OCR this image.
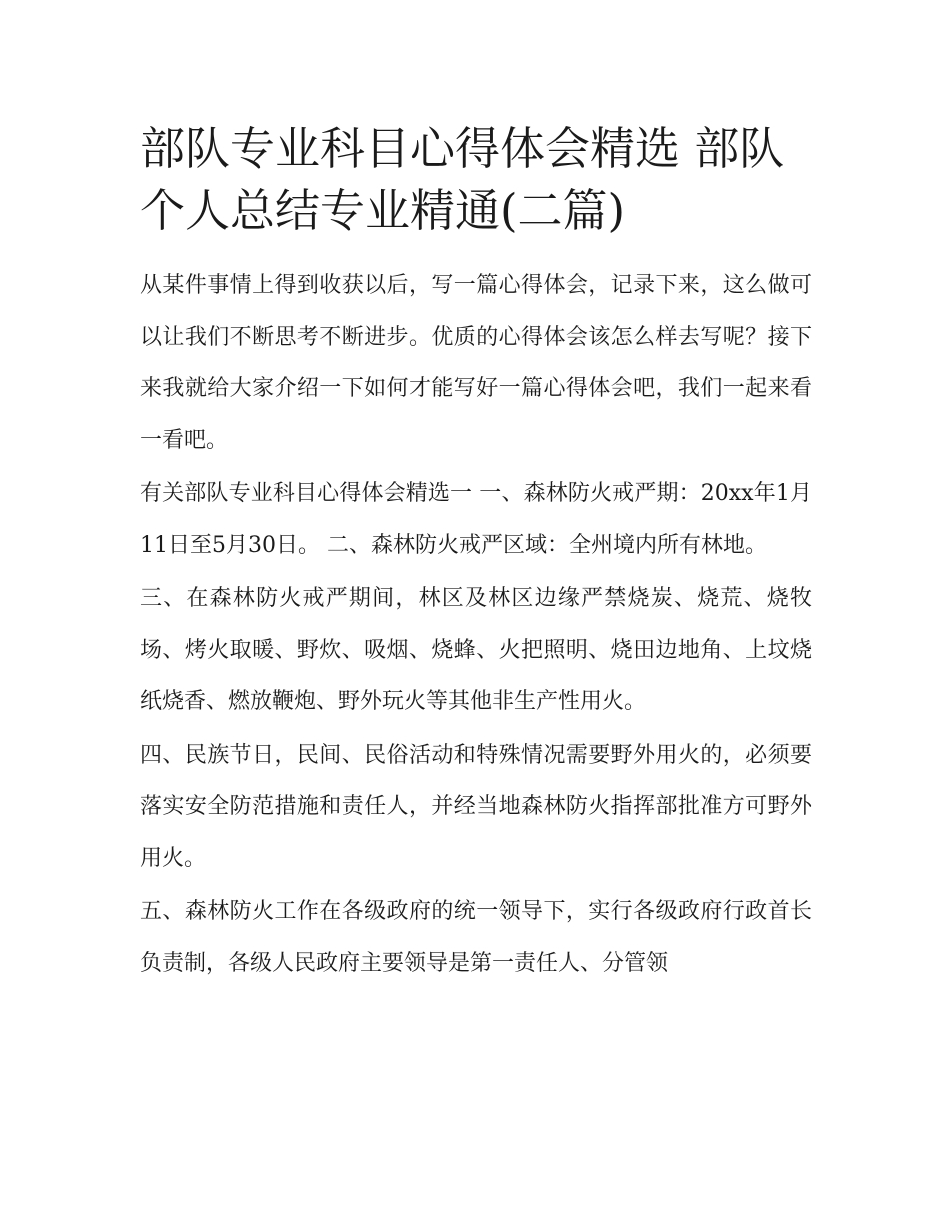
部队专业科目心得体会精选 部队个人总结专业精通(二篇)

从某件事情上得到收获以后，写一篇心得体会，记录下来，这么做可以让我们不断思考不断进步。优质的心得体会该怎么样去写呢？接下来我就给大家介绍一下如何才能写好一篇心得体会吧，我们一起来看一看吧。

有关部队专业科目心得体会精选一 一、森林防火戒严期：20xx年1月11日至5月30日。 二、森林防火戒严区域：全州境内所有林地。

三、在森林防火戒严期间，林区及林区边缘严禁烧炭、烧荒、烧牧场、烤火取暖、野炊、吸烟、烧蜂、火把照明、烧田边地角、上坟烧纸烧香、燃放鞭炮、野外玩火等其他非生产性用火。

四、民族节日，民间、民俗活动和特殊情况需要野外用火的，必须要落实安全防范措施和责任人，并经当地森林防火指挥部批准方可野外用火。

五、森林防火工作在各级政府的统一领导下，实行各级政府行政首长负责制，各级人民政府主要领导是第一责任人、分管领
